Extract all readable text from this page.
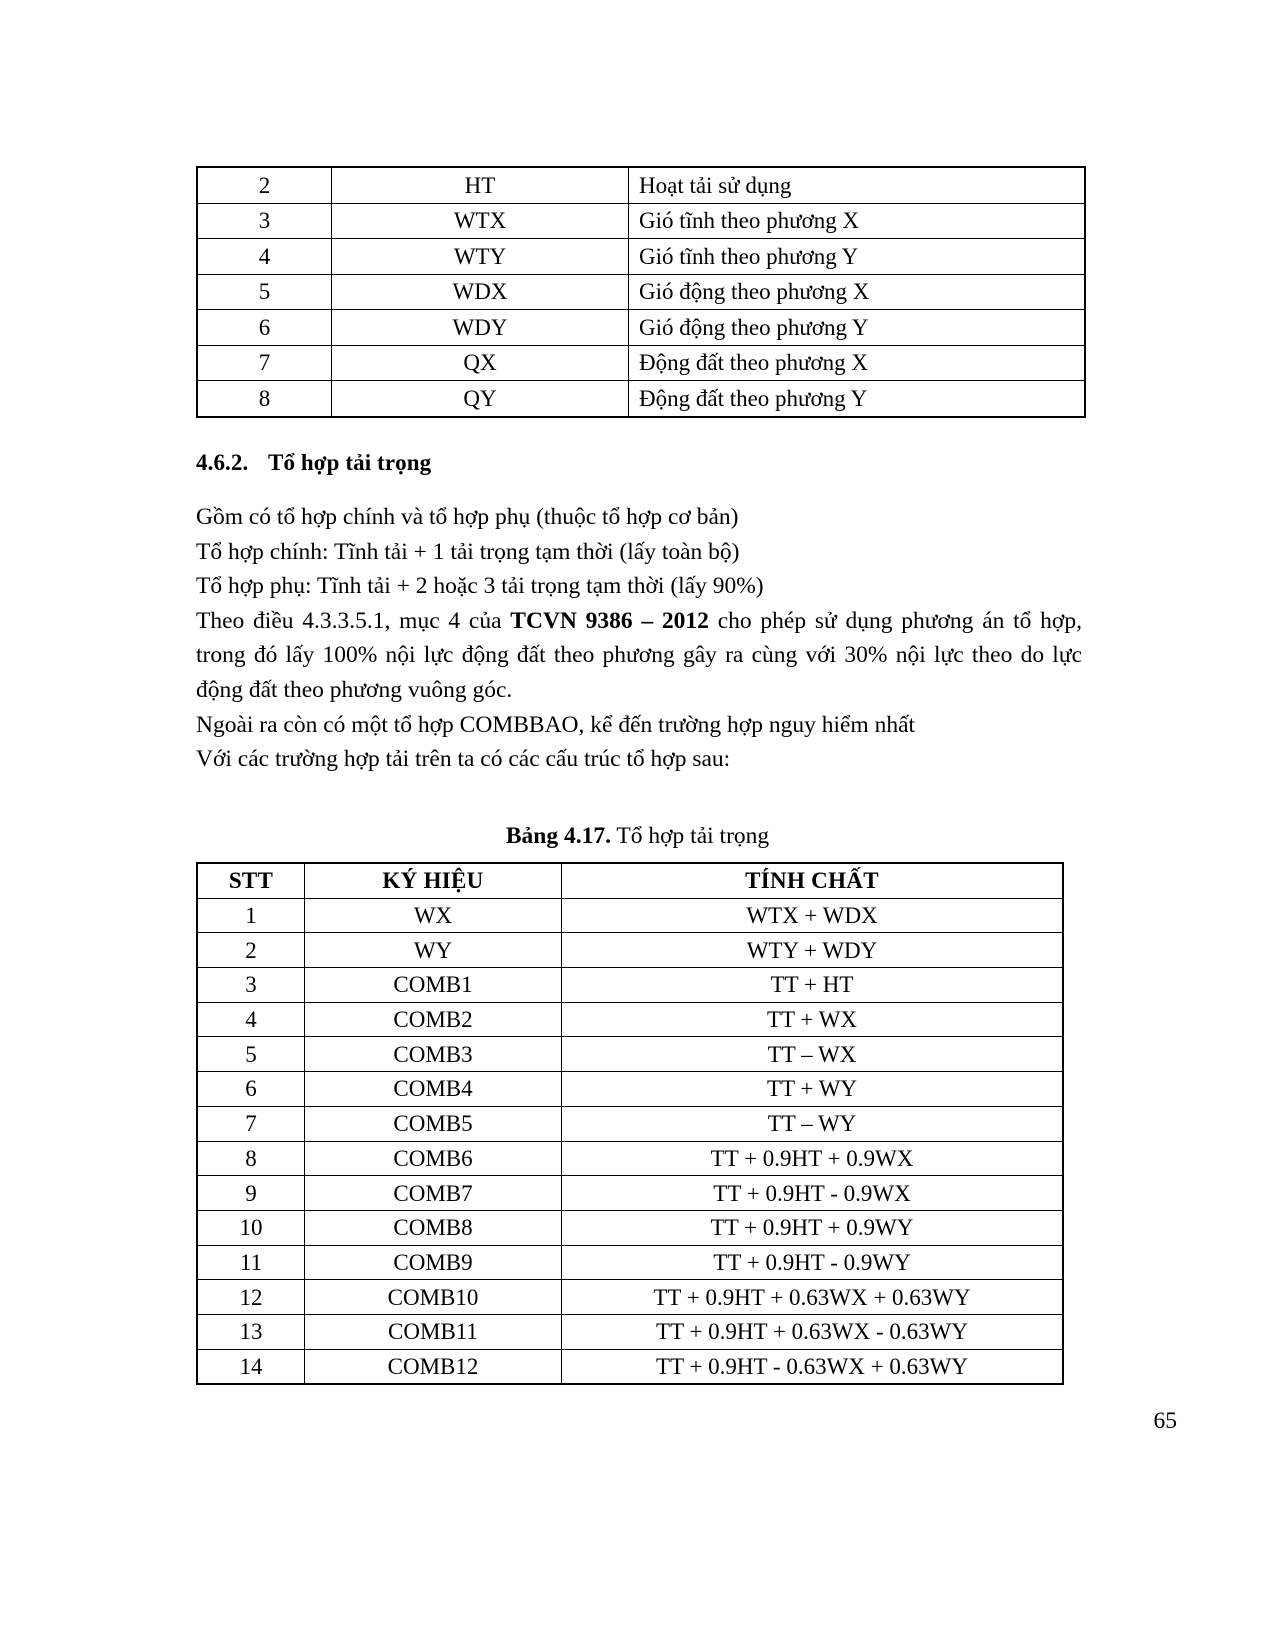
2	HT	Hoạt tải sử dụng
3	WTX	Gió tĩnh theo phương X
4	WTY	Gió tĩnh theo phương Y
5	WDX	Gió động theo phương X
6	WDY	Gió động theo phương Y
7	QX	Động đất theo phương X
8	QY	Động đất theo phương Y
4.6.2. Tổ hợp tải trọng

Gồm có tổ hợp chính và tổ hợp phụ (thuộc tổ hợp cơ bản)

Tổ hợp chính: Tĩnh tải + 1 tải trọng tạm thời (lấy toàn bộ)

Tổ hợp phụ: Tĩnh tải + 2 hoặc 3 tải trọng tạm thời (lấy 90%)

Theo điều 4.3.3.5.1, mục 4 của TCVN 9386 – 2012 cho phép sử dụng phương án tổ hợp, trong đó lấy 100% nội lực động đất theo phương gây ra cùng với 30% nội lực theo do lực động đất theo phương vuông góc.

Ngoài ra còn có một tổ hợp COMBBAO, kể đến trường hợp nguy hiểm nhất

Với các trường hợp tải trên ta có các cấu trúc tổ hợp sau:

Bảng 4.17. Tổ hợp tải trọng
STT	KÝ HIỆU	TÍNH CHẤT
1	WX	WTX + WDX
2	WY	WTY + WDY
3	COMB1	TT + HT
4	COMB2	TT + WX
5	COMB3	TT – WX
6	COMB4	TT + WY
7	COMB5	TT – WY
8	COMB6	TT + 0.9HT + 0.9WX
9	COMB7	TT + 0.9HT - 0.9WX
10	COMB8	TT + 0.9HT + 0.9WY
11	COMB9	TT + 0.9HT - 0.9WY
12	COMB10	TT + 0.9HT + 0.63WX + 0.63WY
13	COMB11	TT + 0.9HT + 0.63WX - 0.63WY
14	COMB12	TT + 0.9HT - 0.63WX + 0.63WY
65
